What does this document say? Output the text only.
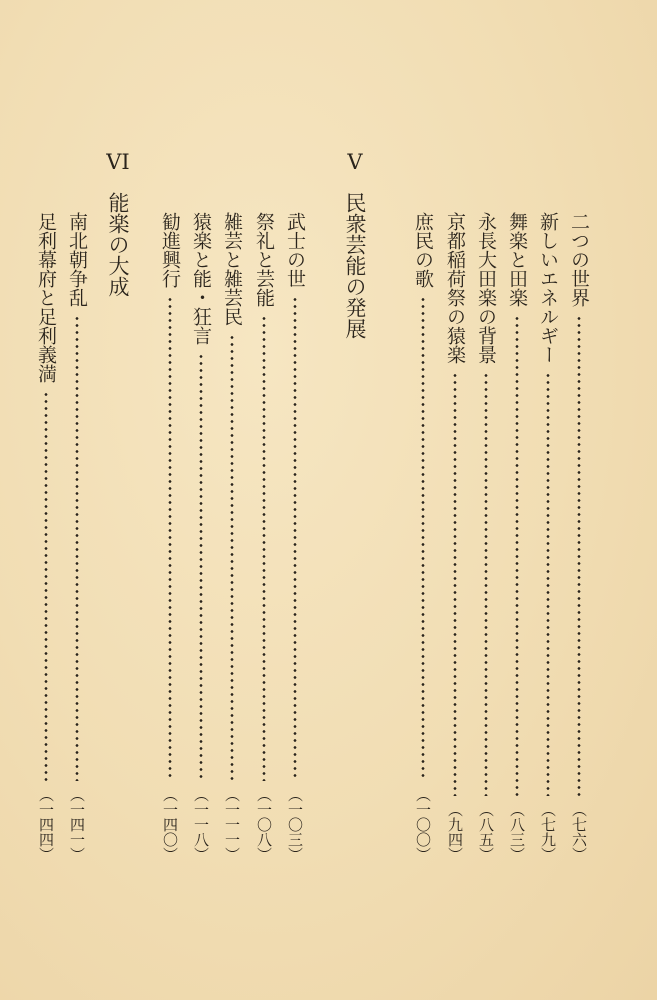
二つの世界
（七六）
新しいエネルギー
（七九）
舞楽と田楽
（八三）
永長大田楽の背景
（八五）
京都稲荷祭の猿楽
（九四）
庶民の歌
（一〇〇）
V
民衆芸能の発展
武士の世
（一〇三）
祭礼と芸能
（一〇八）
雑芸と雑芸民
（一一一）
猿楽と能・狂言
（一一八）
勧進興行
（一四〇）
VI
能楽の大成
南北朝争乱
（一四一）
足利幕府と足利義満
（一四四）
